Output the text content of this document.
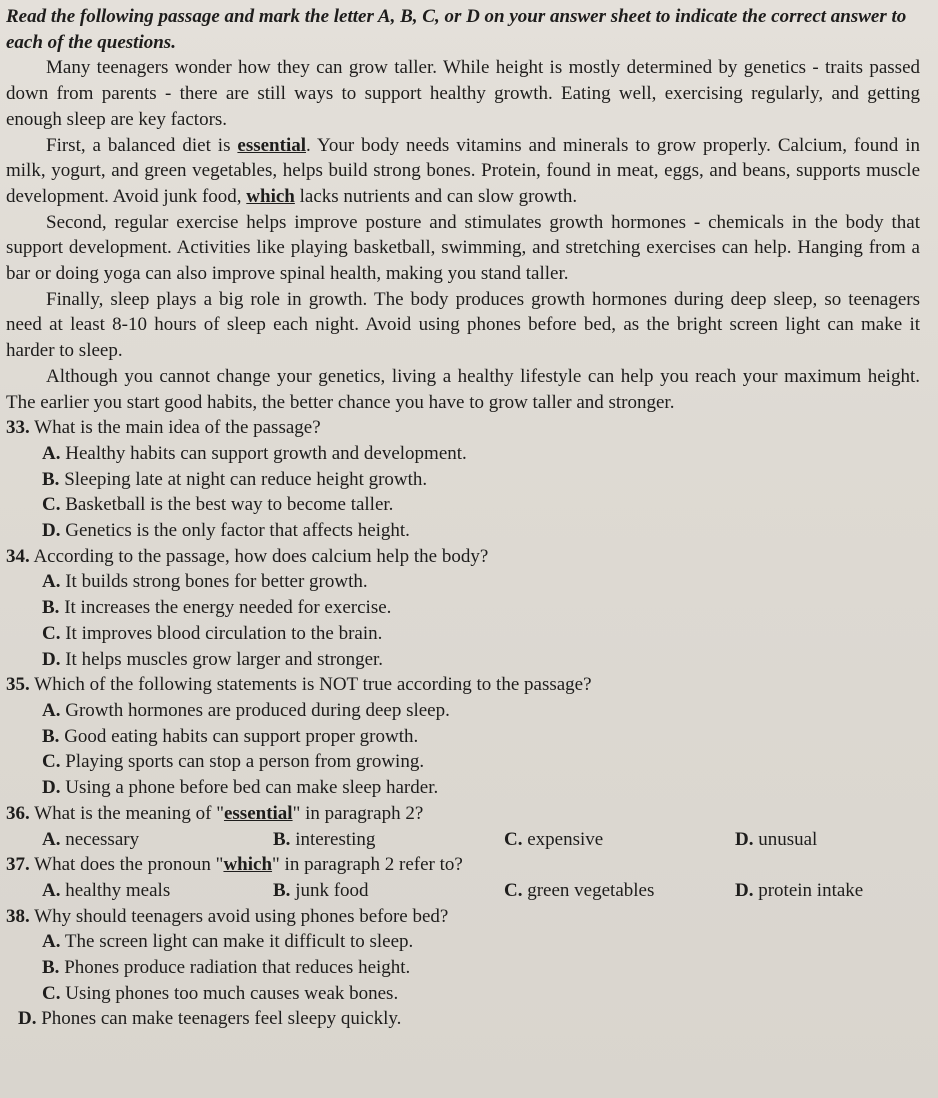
Read the following passage and mark the letter A, B, C, or D on your answer sheet to indicate the correct answer to each of the questions.

Many teenagers wonder how they can grow taller. While height is mostly determined by genetics - traits passed down from parents - there are still ways to support healthy growth. Eating well, exercising regularly, and getting enough sleep are key factors.

First, a balanced diet is essential. Your body needs vitamins and minerals to grow properly. Calcium, found in milk, yogurt, and green vegetables, helps build strong bones. Protein, found in meat, eggs, and beans, supports muscle development. Avoid junk food, which lacks nutrients and can slow growth.

Second, regular exercise helps improve posture and stimulates growth hormones - chemicals in the body that support development. Activities like playing basketball, swimming, and stretching exercises can help. Hanging from a bar or doing yoga can also improve spinal health, making you stand taller.

Finally, sleep plays a big role in growth. The body produces growth hormones during deep sleep, so teenagers need at least 8-10 hours of sleep each night. Avoid using phones before bed, as the bright screen light can make it harder to sleep.

Although you cannot change your genetics, living a healthy lifestyle can help you reach your maximum height. The earlier you start good habits, the better chance you have to grow taller and stronger.

33. What is the main idea of the passage?

A. Healthy habits can support growth and development.

B. Sleeping late at night can reduce height growth.

C. Basketball is the best way to become taller.

D. Genetics is the only factor that affects height.

34. According to the passage, how does calcium help the body?

A. It builds strong bones for better growth.

B. It increases the energy needed for exercise.

C. It improves blood circulation to the brain.

D. It helps muscles grow larger and stronger.

35. Which of the following statements is NOT true according to the passage?

A. Growth hormones are produced during deep sleep.

B. Good eating habits can support proper growth.

C. Playing sports can stop a person from growing.

D. Using a phone before bed can make sleep harder.

36. What is the meaning of "essential" in paragraph 2?

A. necessary	B. interesting	C. expensive	D. unusual

37. What does the pronoun "which" in paragraph 2 refer to?

A. healthy meals	B. junk food	C. green vegetables	D. protein intake

38. Why should teenagers avoid using phones before bed?

A. The screen light can make it difficult to sleep.

B. Phones produce radiation that reduces height.

C. Using phones too much causes weak bones.

D. Phones can make teenagers feel sleepy quickly.
